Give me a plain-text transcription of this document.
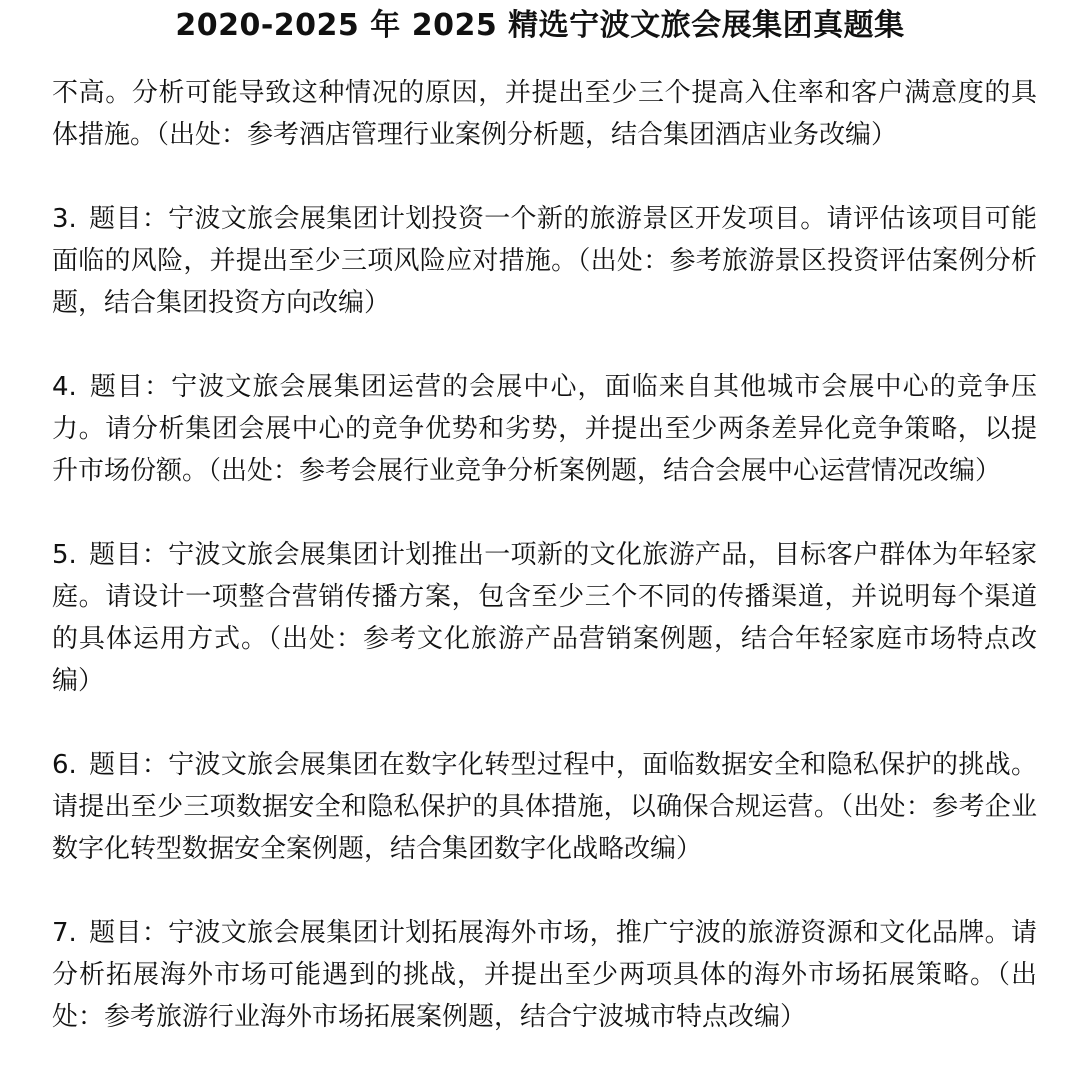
2020-2025 年 2025 精选宁波文旅会展集团真题集

不高。分析可能导致这种情况的原因，并提出至少三个提高入住率和客户满意度的具体措施。（出处：参考酒店管理行业案例分析题，结合集团酒店业务改编）

3. 题目：宁波文旅会展集团计划投资一个新的旅游景区开发项目。请评估该项目可能面临的风险，并提出至少三项风险应对措施。（出处：参考旅游景区投资评估案例分析题，结合集团投资方向改编）

4. 题目：宁波文旅会展集团运营的会展中心，面临来自其他城市会展中心的竞争压力。请分析集团会展中心的竞争优势和劣势，并提出至少两条差异化竞争策略，以提升市场份额。（出处：参考会展行业竞争分析案例题，结合会展中心运营情况改编）

5. 题目：宁波文旅会展集团计划推出一项新的文化旅游产品，目标客户群体为年轻家庭。请设计一项整合营销传播方案，包含至少三个不同的传播渠道，并说明每个渠道的具体运用方式。（出处：参考文化旅游产品营销案例题，结合年轻家庭市场特点改编）

6. 题目：宁波文旅会展集团在数字化转型过程中，面临数据安全和隐私保护的挑战。请提出至少三项数据安全和隐私保护的具体措施，以确保合规运营。（出处：参考企业数字化转型数据安全案例题，结合集团数字化战略改编）

7. 题目：宁波文旅会展集团计划拓展海外市场，推广宁波的旅游资源和文化品牌。请分析拓展海外市场可能遇到的挑战，并提出至少两项具体的海外市场拓展策略。（出处：参考旅游行业海外市场拓展案例题，结合宁波城市特点改编）
